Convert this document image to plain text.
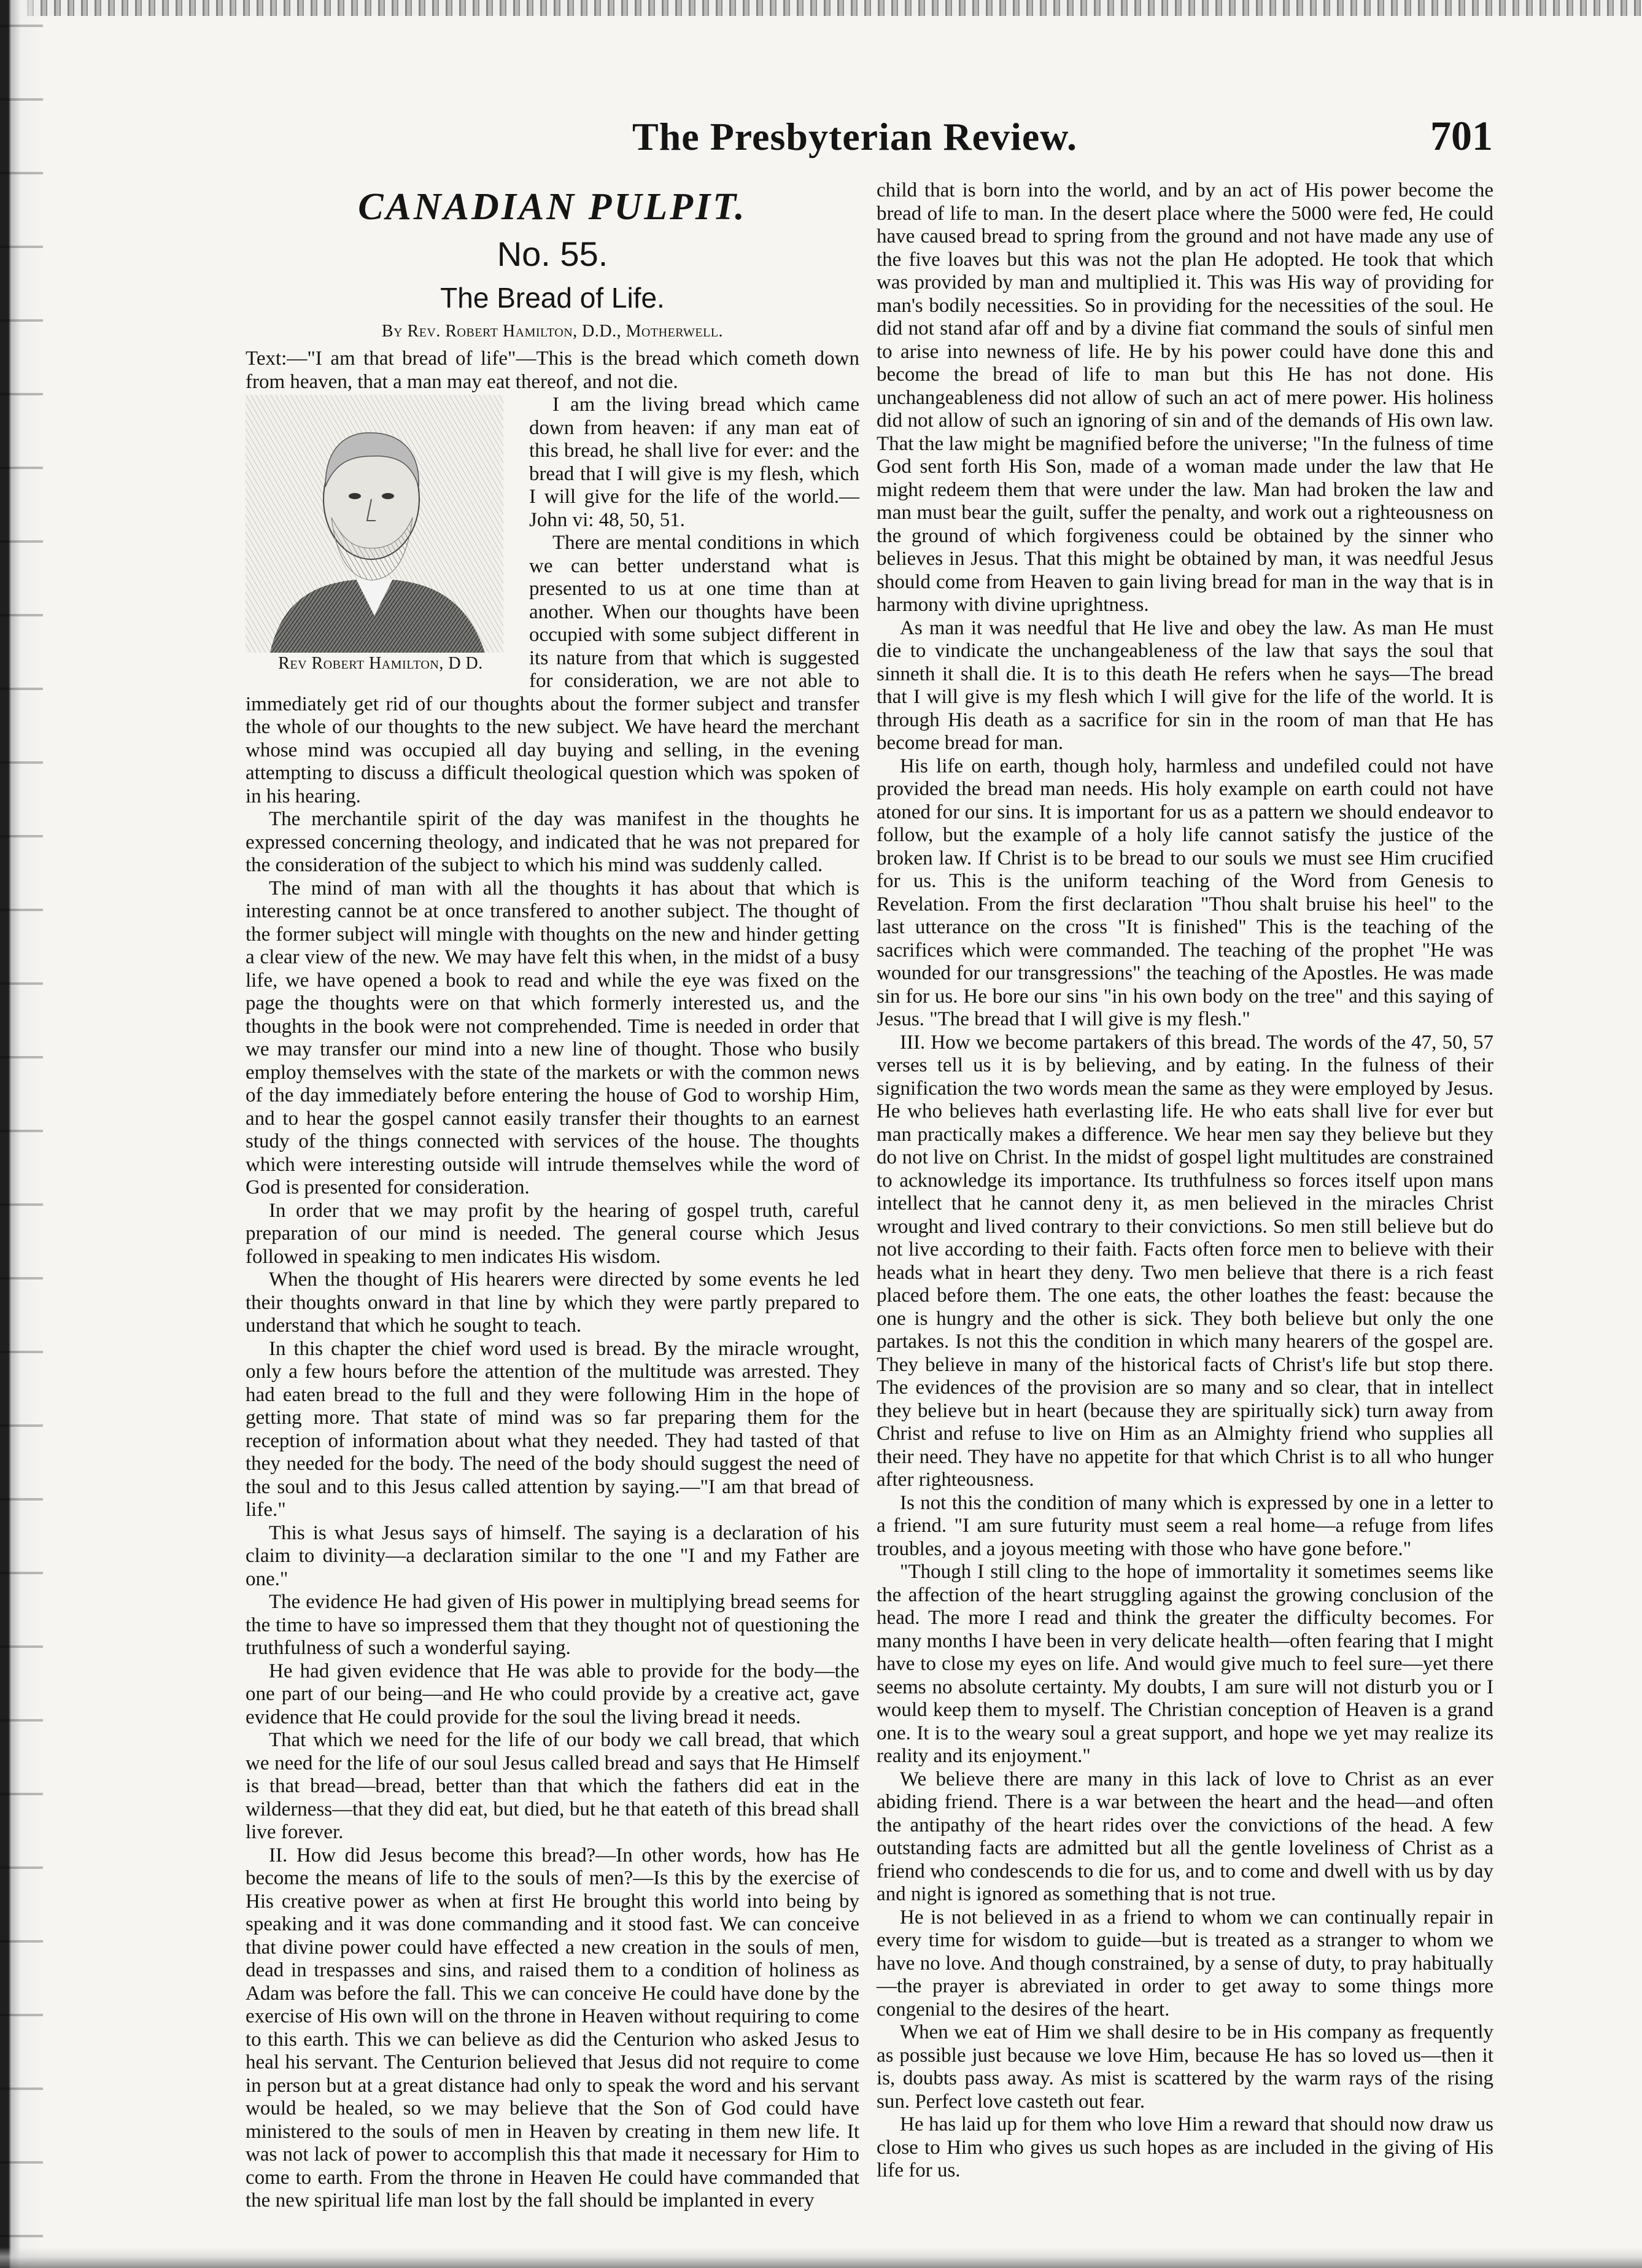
The Presbyterian Review.	701
CANADIAN PULPIT.
No. 55.
The Bread of Life.
By Rev. Robert Hamilton, D.D., Motherwell.

Text:—"I am that bread of life"—This is the bread which cometh down from heaven, that a man may eat thereof, and not die.

Rev Robert Hamilton, D D.

I am the living bread which came down from heaven: if any man eat of this bread, he shall live for ever: and the bread that I will give is my flesh, which I will give for the life of the world.—John vi: 48, 50, 51.

There are mental conditions in which we can better understand what is presented to us at one time than at another. When our thoughts have been occupied with some subject different in its nature from that which is suggested for consideration, we are not able to immediately get rid of our thoughts about the former subject and transfer the whole of our thoughts to the new subject. We have heard the merchant whose mind was occupied all day buying and selling, in the evening attempting to discuss a difficult theological question which was spoken of in his hearing.

The merchantile spirit of the day was manifest in the thoughts he expressed concerning theology, and indicated that he was not prepared for the consideration of the subject to which his mind was suddenly called.

The mind of man with all the thoughts it has about that which is interesting cannot be at once transfered to another subject. The thought of the former subject will mingle with thoughts on the new and hinder getting a clear view of the new. We may have felt this when, in the midst of a busy life, we have opened a book to read and while the eye was fixed on the page the thoughts were on that which formerly interested us, and the thoughts in the book were not comprehended. Time is needed in order that we may transfer our mind into a new line of thought. Those who busily employ themselves with the state of the markets or with the common news of the day immediately before entering the house of God to worship Him, and to hear the gospel cannot easily transfer their thoughts to an earnest study of the things connected with services of the house. The thoughts which were interesting outside will intrude themselves while the word of God is presented for consideration.

In order that we may profit by the hearing of gospel truth, careful preparation of our mind is needed. The general course which Jesus followed in speaking to men indicates His wisdom.

When the thought of His hearers were directed by some events he led their thoughts onward in that line by which they were partly prepared to understand that which he sought to teach.

In this chapter the chief word used is bread. By the miracle wrought, only a few hours before the attention of the multitude was arrested. They had eaten bread to the full and they were following Him in the hope of getting more. That state of mind was so far preparing them for the reception of information about what they needed. They had tasted of that they needed for the body. The need of the body should suggest the need of the soul and to this Jesus called attention by saying.—"I am that bread of life."

This is what Jesus says of himself. The saying is a declaration of his claim to divinity—a declaration similar to the one "I and my Father are one."

The evidence He had given of His power in multiplying bread seems for the time to have so impressed them that they thought not of questioning the truthfulness of such a wonderful saying.

He had given evidence that He was able to provide for the body—the one part of our being—and He who could provide by a creative act, gave evidence that He could provide for the soul the living bread it needs.

That which we need for the life of our body we call bread, that which we need for the life of our soul Jesus called bread and says that He Himself is that bread—bread, better than that which the fathers did eat in the wilderness—that they did eat, but died, but he that eateth of this bread shall live forever.

II. How did Jesus become this bread?—In other words, how has He become the means of life to the souls of men?—Is this by the exercise of His creative power as when at first He brought this world into being by speaking and it was done commanding and it stood fast. We can conceive that divine power could have effected a new creation in the souls of men, dead in trespasses and sins, and raised them to a condition of holiness as Adam was before the fall. This we can conceive He could have done by the exercise of His own will on the throne in Heaven without requiring to come to this earth. This we can believe as did the Centurion who asked Jesus to heal his servant. The Centurion believed that Jesus did not require to come in person but at a great distance had only to speak the word and his servant would be healed, so we may believe that the Son of God could have ministered to the souls of men in Heaven by creating in them new life. It was not lack of power to accomplish this that made it necessary for Him to come to earth. From the throne in Heaven He could have commanded that the new spiritual life man lost by the fall should be implanted in every

child that is born into the world, and by an act of His power become the bread of life to man. In the desert place where the 5000 were fed, He could have caused bread to spring from the ground and not have made any use of the five loaves but this was not the plan He adopted. He took that which was provided by man and multiplied it. This was His way of providing for man's bodily necessities. So in providing for the necessities of the soul. He did not stand afar off and by a divine fiat command the souls of sinful men to arise into newness of life. He by his power could have done this and become the bread of life to man but this He has not done. His unchangeableness did not allow of such an act of mere power. His holiness did not allow of such an ignoring of sin and of the demands of His own law. That the law might be magnified before the universe; "In the fulness of time God sent forth His Son, made of a woman made under the law that He might redeem them that were under the law. Man had broken the law and man must bear the guilt, suffer the penalty, and work out a righteousness on the ground of which forgiveness could be obtained by the sinner who believes in Jesus. That this might be obtained by man, it was needful Jesus should come from Heaven to gain living bread for man in the way that is in harmony with divine uprightness.

As man it was needful that He live and obey the law. As man He must die to vindicate the unchangeableness of the law that says the soul that sinneth it shall die. It is to this death He refers when he says—The bread that I will give is my flesh which I will give for the life of the world. It is through His death as a sacrifice for sin in the room of man that He has become bread for man.

His life on earth, though holy, harmless and undefiled could not have provided the bread man needs. His holy example on earth could not have atoned for our sins. It is important for us as a pattern we should endeavor to follow, but the example of a holy life cannot satisfy the justice of the broken law. If Christ is to be bread to our souls we must see Him crucified for us. This is the uniform teaching of the Word from Genesis to Revelation. From the first declaration "Thou shalt bruise his heel" to the last utterance on the cross "It is finished" This is the teaching of the sacrifices which were commanded. The teaching of the prophet "He was wounded for our transgressions" the teaching of the Apostles. He was made sin for us. He bore our sins "in his own body on the tree" and this saying of Jesus. "The bread that I will give is my flesh."

III. How we become partakers of this bread. The words of the 47, 50, 57 verses tell us it is by believing, and by eating. In the fulness of their signification the two words mean the same as they were employed by Jesus. He who believes hath everlasting life. He who eats shall live for ever but man practically makes a difference. We hear men say they believe but they do not live on Christ. In the midst of gospel light multitudes are constrained to acknowledge its importance. Its truthfulness so forces itself upon mans intellect that he cannot deny it, as men believed in the miracles Christ wrought and lived contrary to their convictions. So men still believe but do not live according to their faith. Facts often force men to believe with their heads what in heart they deny. Two men believe that there is a rich feast placed before them. The one eats, the other loathes the feast: because the one is hungry and the other is sick. They both believe but only the one partakes. Is not this the condition in which many hearers of the gospel are. They believe in many of the historical facts of Christ's life but stop there. The evidences of the provision are so many and so clear, that in intellect they believe but in heart (because they are spiritually sick) turn away from Christ and refuse to live on Him as an Almighty friend who supplies all their need. They have no appetite for that which Christ is to all who hunger after righteousness.

Is not this the condition of many which is expressed by one in a letter to a friend. "I am sure futurity must seem a real home—a refuge from lifes troubles, and a joyous meeting with those who have gone before."

"Though I still cling to the hope of immortality it sometimes seems like the affection of the heart struggling against the growing conclusion of the head. The more I read and think the greater the difficulty becomes. For many months I have been in very delicate health—often fearing that I might have to close my eyes on life. And would give much to feel sure—yet there seems no absolute certainty. My doubts, I am sure will not disturb you or I would keep them to myself. The Christian conception of Heaven is a grand one. It is to the weary soul a great support, and hope we yet may realize its reality and its enjoyment."

We believe there are many in this lack of love to Christ as an ever abiding friend. There is a war between the heart and the head—and often the antipathy of the heart rides over the convictions of the head. A few outstanding facts are admitted but all the gentle loveliness of Christ as a friend who condescends to die for us, and to come and dwell with us by day and night is ignored as something that is not true.

He is not believed in as a friend to whom we can continually repair in every time for wisdom to guide—but is treated as a stranger to whom we have no love. And though constrained, by a sense of duty, to pray habitually—the prayer is abreviated in order to get away to some things more congenial to the desires of the heart.

When we eat of Him we shall desire to be in His company as frequently as possible just because we love Him, because He has so loved us—then it is, doubts pass away. As mist is scattered by the warm rays of the rising sun. Perfect love casteth out fear.

He has laid up for them who love Him a reward that should now draw us close to Him who gives us such hopes as are included in the giving of His life for us.
